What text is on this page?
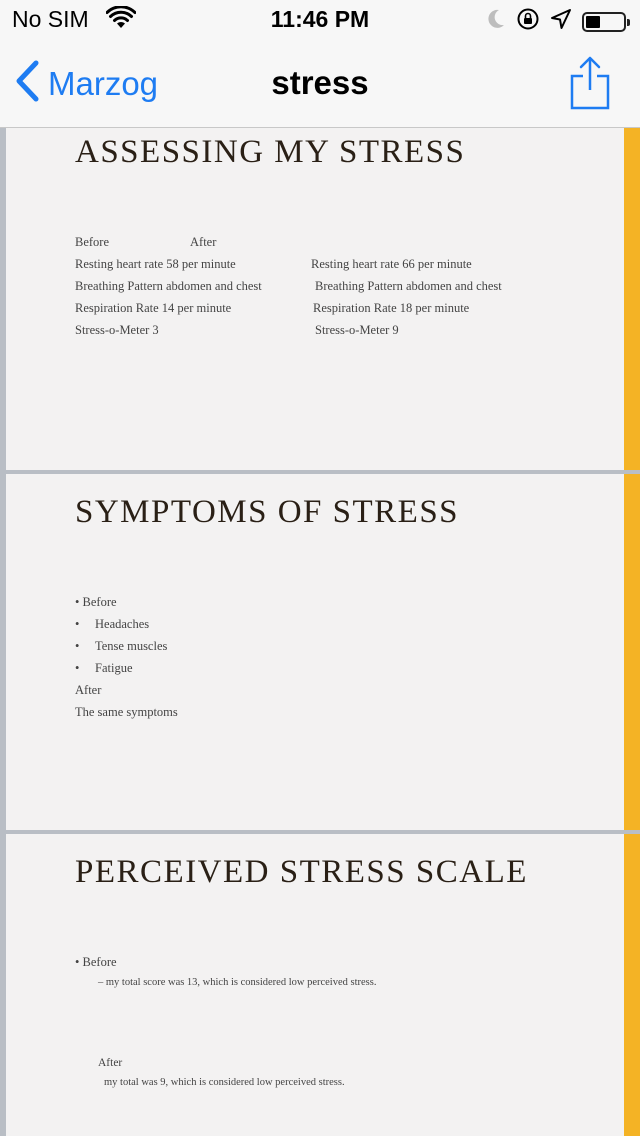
No SIM	11:46 PM
Marzog	stress
ASSESSING MY STRESS
Before	After
Resting heart rate 58 per minute	Resting heart rate 66 per minute
Breathing Pattern abdomen and chest	Breathing Pattern abdomen and chest
Respiration Rate 14 per minute	Respiration Rate 18 per minute
Stress-o-Meter 3	Stress-o-Meter 9
SYMPTOMS OF STRESS
• Before
• Headaches
• Tense muscles
• Fatigue
After
The same symptoms
PERCEIVED STRESS SCALE
• Before
– my total score was 13, which is considered low perceived stress.
After
my total was 9, which is considered low perceived stress.
